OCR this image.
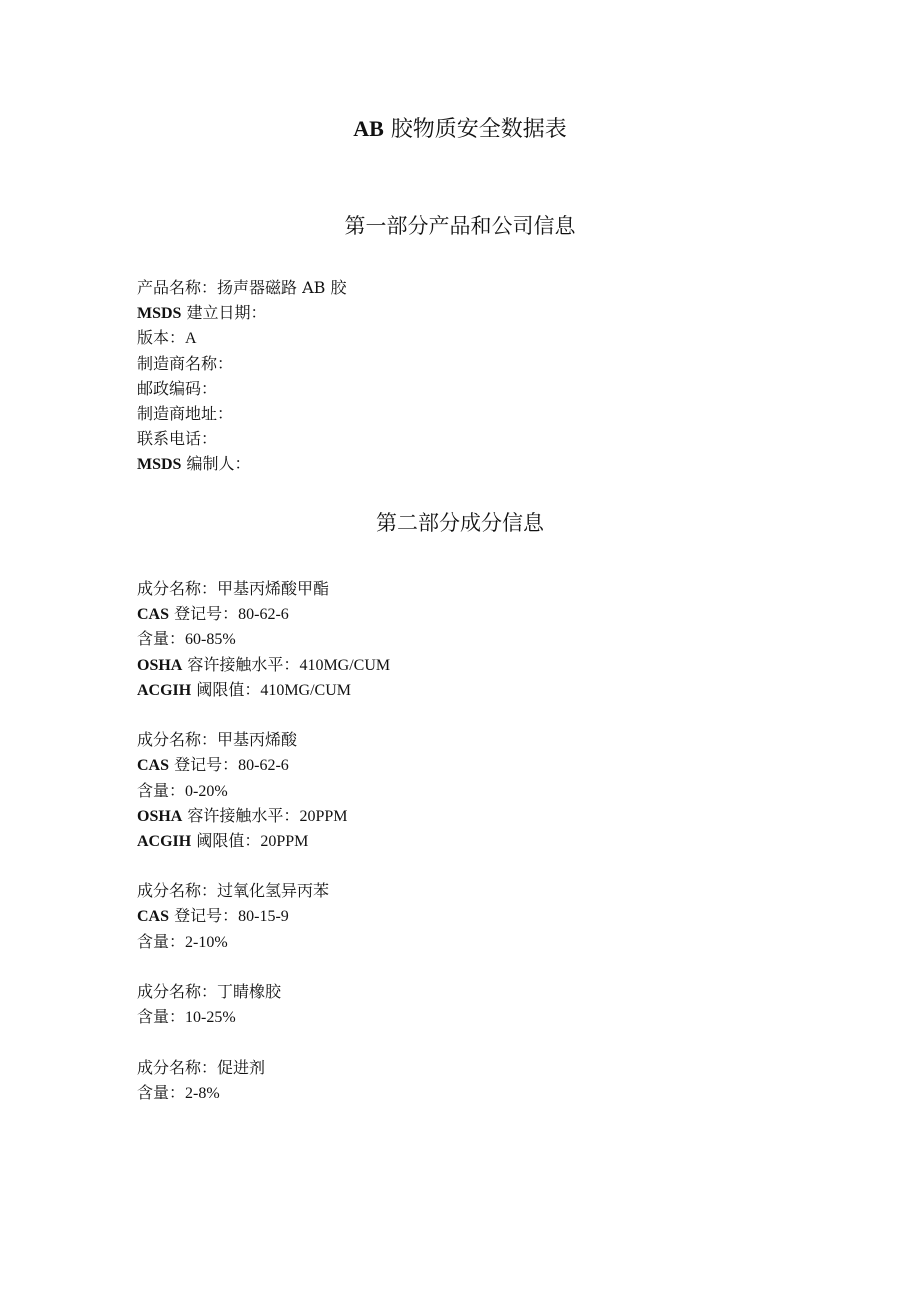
AB 胶物质安全数据表
第一部分产品和公司信息
产品名称：扬声器磁路 AB 胶
MSDS 建立日期：
版本：A
制造商名称：
邮政编码：
制造商地址：
联系电话：
MSDS 编制人：
第二部分成分信息
成分名称：甲基丙烯酸甲酯
CAS 登记号：80-62-6
含量：60-85%
OSHA 容许接触水平：410MG/CUM
ACGIH 阈限值：410MG/CUM
成分名称：甲基丙烯酸
CAS 登记号：80-62-6
含量：0-20%
OSHA 容许接触水平：20PPM
ACGIH 阈限值：20PPM
成分名称：过氧化氢异丙苯
CAS 登记号：80-15-9
含量：2-10%
成分名称：丁睛橡胶
含量：10-25%
成分名称：促进剂
含量：2-8%
